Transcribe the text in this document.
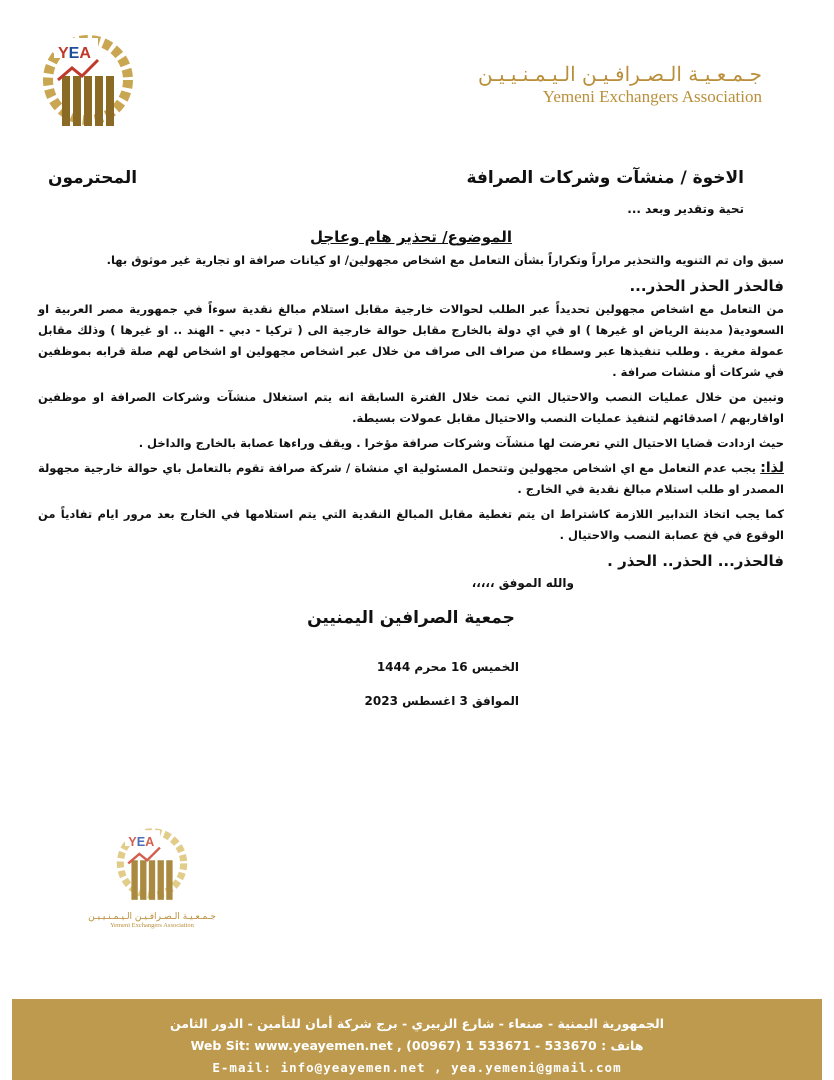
YEA
جـمـعـيـة الـصـرافـيـن الـيـمـنـيـيـن
Yemeni Exchangers Association
الاخوة / منشآت وشركات الصرافة
المحترمون
تحية وتقدير وبعد ...
الموضوع/ تحذير هام وعاجل

سبق وان تم التنويه والتحذير مراراً وتكراراً بشأن التعامل مع اشخاص مجهولين/ او كيانات صرافة او تجارية غير موثوق بها.

فالحذر الحذر الحذر...

من التعامل مع اشخاص مجهولين تحديداً عبر الطلب لحوالات خارجية مقابل استلام مبالغ نقدية سوءاً في جمهورية مصر العربية او السعودية( مدينة الرياض او غيرها ) او في اي دولة بالخارج مقابل حوالة خارجية الى ( تركيا - دبي - الهند .. او غيرها ) وذلك مقابل عمولة مغرية . وطلب تنفيذها عبر وسطاء من صراف الى صراف من خلال عبر اشخاص مجهولين او اشخاص لهم صلة قرابه بموظفين في شركات أو منشات صرافة .

وتبين من خلال عمليات النصب والاحتيال التي تمت خلال الفترة السابقة انه يتم استغلال منشآت وشركات الصرافة او موظفين اواقاربهم / اصدقائهم لتنفيذ عمليات النصب والاحتيال مقابل عمولات بسيطة.

حيث ازدادت قضايا الاحتيال التي تعرضت لها منشآت وشركات صرافة مؤخرا . ويقف وراءها عصابة بالخارج والداخل .

لذا: يجب عدم التعامل مع اي اشخاص مجهولين وتتحمل المسئولية اي منشاة / شركة صرافة تقوم بالتعامل باي حوالة خارجية مجهولة المصدر او طلب استلام مبالغ نقدية في الخارج .

كما يجب اتخاذ التدابير اللازمة كاشتراط ان يتم تغطية مقابل المبالغ النقدية التي يتم استلامها في الخارج بعد مرور ايام تفادياً من الوقوع في فخ عصابة النصب والاحتيال .

فالحذر... الحذر.. الحذر .
والله الموفق ،،،،،
جمعية الصرافين اليمنيين
الخميس 16 محرم 1444
الموافق 3 اغسطس 2023
YEA
جـمـعـيـة الـصـرافـيـن الـيـمـنـيـيـن
Yemeni Exchangers Association
الجمهورية اليمنية - صنعاء - شارع الزبيري - برج شركة أمان للتأمين - الدور الثامن
Web Sit: www.yeayemen.net , (00967) 1 533671 - 533670 : هاتف
E-mail: info@yeayemen.net , yea.yemeni@gmail.com
